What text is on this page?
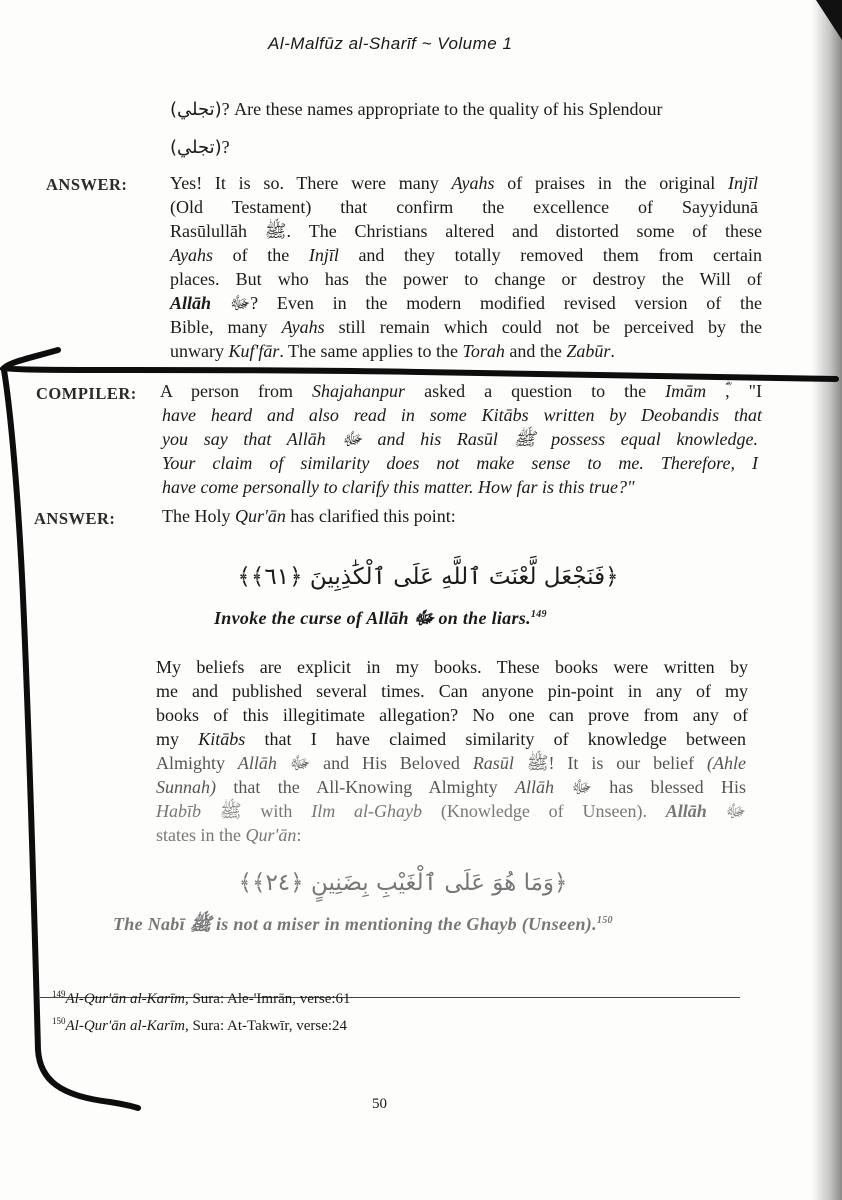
Al-Malfūz al-Sharīf ~ Volume 1
(تجلي)? Are these names appropriate to the quality of his Splendour
(تجلي)?
ANSWER: Yes! It is so. There were many Ayahs of praises in the original Injīl
(Old Testament) that confirm the excellence of Sayyidunā
Rasūlullāh ﷺ. The Christians altered and distorted some of these
Ayahs of the Injīl and they totally removed them from certain
places. But who has the power to change or destroy the Will of
Allāh ﷻ? Even in the modern modified revised version of the
Bible, many Ayahs still remain which could not be perceived by the
unwary Kuf'fār. The same applies to the Torah and the Zabūr.
COMPILER: A person from Shajahanpur asked a question to the Imām ؓ, "I
have heard and also read in some Kitābs written by Deobandis that
you say that Allāh ﷻ and his Rasūl ﷺ possess equal knowledge.
Your claim of similarity does not make sense to me. Therefore, I
have come personally to clarify this matter. How far is this true?"
ANSWER:	The Holy Qur'ān has clarified this point:
﴿فَنَجْعَل لَّعْنَتَ ٱللَّهِ عَلَى ٱلْكَٰذِبِينَ ﴿٦١﴾﴾
Invoke the curse of Allāh ﷻ on the liars.$^{149}$
My beliefs are explicit in my books. These books were written by
me and published several times. Can anyone pin-point in any of my
books of this illegitimate allegation? No one can prove from any of
my Kitābs that I have claimed similarity of knowledge between
Almighty Allāh ﷻ and His Beloved Rasūl ﷺ! It is our belief (Ahle
Sunnah) that the All-Knowing Almighty Allāh ﷻ has blessed His
Habīb ﷺ with Ilm al-Ghayb (Knowledge of Unseen). Allāh ﷻ
states in the Qur'ān:
﴿وَمَا هُوَ عَلَى ٱلْغَيْبِ بِضَنِينٍ ﴿٢٤﴾﴾
The Nabī ﷺ is not a miser in mentioning the Ghayb (Unseen).$^{150}$
$^{149}$Al-Qur'ān al-Karīm, Sura: Ale-'Imrān, verse:61
$^{150}$Al-Qur'ān al-Karīm, Sura: At-Takwīr, verse:24
50
